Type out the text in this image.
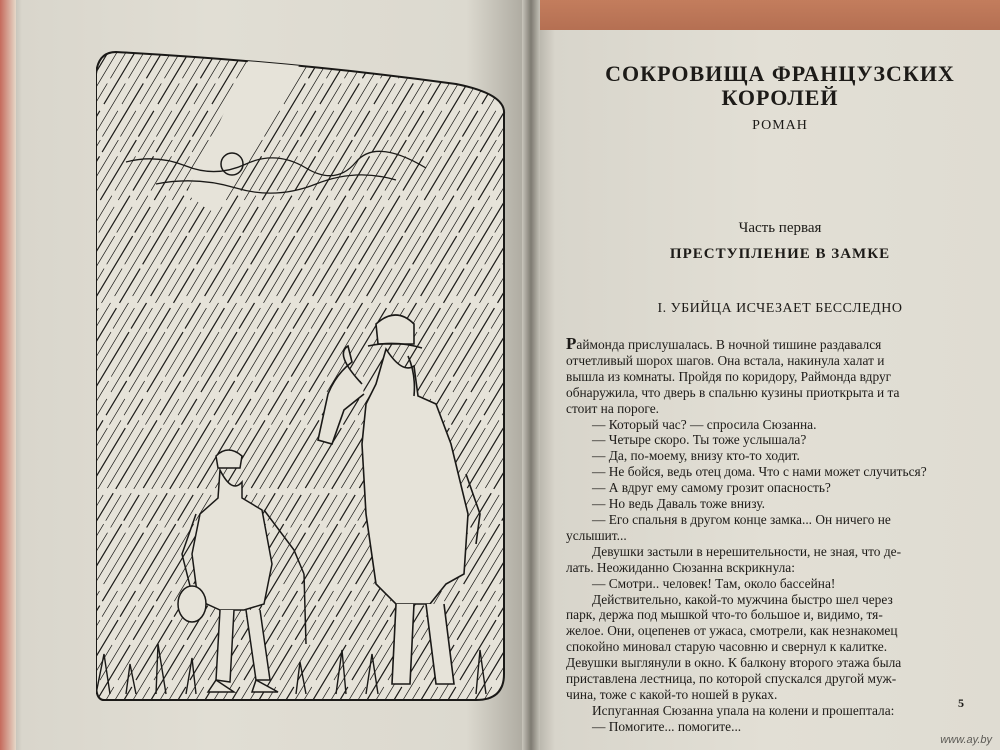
СОКРОВИЩА ФРАНЦУЗСКИХ
КОРОЛЕЙ
РОМАН
Часть первая
ПРЕСТУПЛЕНИЕ В ЗАМКЕ
I. УБИЙЦА ИСЧЕЗАЕТ БЕССЛЕДНО
Раймонда прислушалась. В ночной тишине раздавался
отчетливый шорох шагов. Она встала, накинула халат и
вышла из комнаты. Пройдя по коридору, Раймонда вдруг
обнаружила, что дверь в спальню кузины приоткрыта и та
стоит на пороге.
— Который час? — спросила Сюзанна.
— Четыре скоро. Ты тоже услышала?
— Да, по-моему, внизу кто-то ходит.
— Не бойся, ведь отец дома. Что с нами может случиться?
— А вдруг ему самому грозит опасность?
— Но ведь Даваль тоже внизу.
— Его спальня в другом конце замка... Он ничего не
услышит...
Девушки застыли в нерешительности, не зная, что де-
лать. Неожиданно Сюзанна вскрикнула:
— Смотри.. человек! Там, около бассейна!
Действительно, какой-то мужчина быстро шел через
парк, держа под мышкой что-то большое и, видимо, тя-
желое. Они, оцепенев от ужаса, смотрели, как незнакомец
спокойно миновал старую часовню и свернул к калитке.
Девушки выглянули в окно. К балкону второго этажа была
приставлена лестница, по которой спускался другой муж-
чина, тоже с какой-то ношей в руках.
Испуганная Сюзанна упала на колени и прошептала:
— Помогите... помогите...
5
www.ay.by
